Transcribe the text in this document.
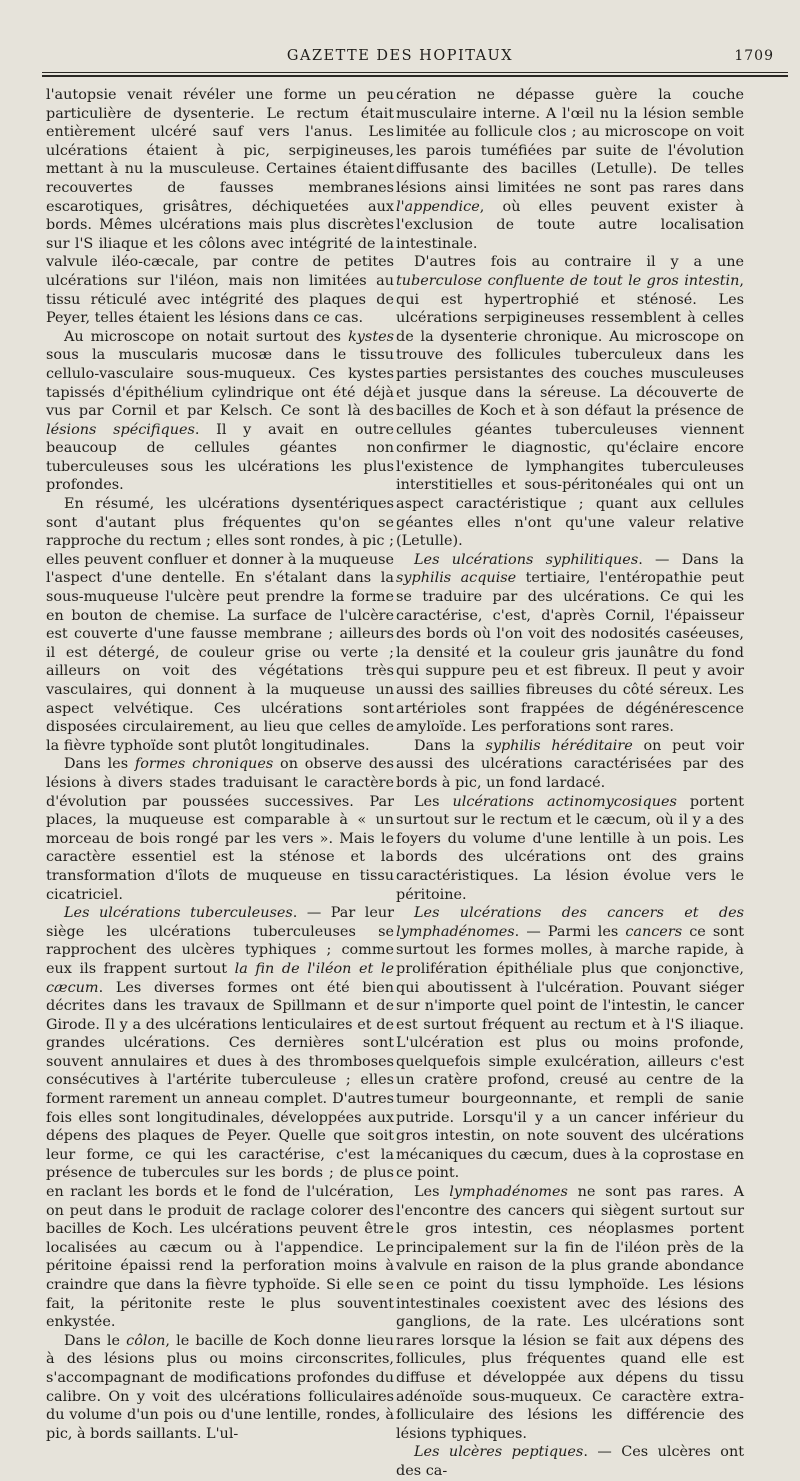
GAZETTE DES HOPITAUX	1709

l'autopsie venait révéler une forme un peu particulière de dysenterie. Le rectum était entièrement ulcéré sauf vers l'anus. Les ulcérations étaient à pic, serpigineuses, mettant à nu la musculeuse. Certaines étaient recouvertes de fausses membranes escarotiques, grisâtres, déchiquetées aux bords. Mêmes ulcérations mais plus discrètes sur l'S iliaque et les côlons avec intégrité de la valvule iléo-cæcale, par contre de petites ulcérations sur l'iléon, mais non limitées au tissu réticulé avec intégrité des plaques de Peyer, telles étaient les lésions dans ce cas.

Au microscope on notait surtout des kystes sous la muscularis mucosæ dans le tissu cellulo-vasculaire sous-muqueux. Ces kystes tapissés d'épithélium cylindrique ont été déjà vus par Cornil et par Kelsch. Ce sont là des lésions spécifiques. Il y avait en outre beaucoup de cellules géantes non tuberculeuses sous les ulcérations les plus profondes.

En résumé, les ulcérations dysentériques sont d'autant plus fréquentes qu'on se rapproche du rectum ; elles sont rondes, à pic ; elles peuvent confluer et donner à la muqueuse l'aspect d'une dentelle. En s'étalant dans la sous-muqueuse l'ulcère peut prendre la forme en bouton de chemise. La surface de l'ulcère est couverte d'une fausse membrane ; ailleurs il est détergé, de couleur grise ou verte ; ailleurs on voit des végétations très vasculaires, qui donnent à la muqueuse un aspect velvétique. Ces ulcérations sont disposées circulairement, au lieu que celles de la fièvre typhoïde sont plutôt longitudinales.

Dans les formes chroniques on observe des lésions à divers stades traduisant le caractère d'évolution par poussées successives. Par places, la muqueuse est comparable à « un morceau de bois rongé par les vers ». Mais le caractère essentiel est la sténose et la transformation d'îlots de muqueuse en tissu cicatriciel.

Les ulcérations tuberculeuses. — Par leur siège les ulcérations tuberculeuses se rapprochent des ulcères typhiques ; comme eux ils frappent surtout la fin de l'iléon et le cæcum. Les diverses formes ont été bien décrites dans les travaux de Spillmann et de Girode. Il y a des ulcérations lenticulaires et de grandes ulcérations. Ces dernières sont souvent annulaires et dues à des thromboses consécutives à l'artérite tuberculeuse ; elles forment rarement un anneau complet. D'autres fois elles sont longitudinales, développées aux dépens des plaques de Peyer. Quelle que soit leur forme, ce qui les caractérise, c'est la présence de tubercules sur les bords ; de plus en raclant les bords et le fond de l'ulcération, on peut dans le produit de raclage colorer des bacilles de Koch. Les ulcérations peuvent être localisées au cæcum ou à l'appendice. Le péritoine épaissi rend la perforation moins à craindre que dans la fièvre typhoïde. Si elle se fait, la péritonite reste le plus souvent enkystée.

Dans le côlon, le bacille de Koch donne lieu à des lésions plus ou moins circonscrites, s'accompagnant de modifications profondes du calibre. On y voit des ulcérations folliculaires du volume d'un pois ou d'une lentille, rondes, à pic, à bords saillants. L'ul-

cération ne dépasse guère la couche musculaire interne. A l'œil nu la lésion semble limitée au follicule clos ; au microscope on voit les parois tuméfiées par suite de l'évolution diffusante des bacilles (Letulle). De telles lésions ainsi limitées ne sont pas rares dans l'appendice, où elles peuvent exister à l'exclusion de toute autre localisation intestinale.

D'autres fois au contraire il y a une tuberculose confluente de tout le gros intestin, qui est hypertrophié et sténosé. Les ulcérations serpigineuses ressemblent à celles de la dysenterie chronique. Au microscope on trouve des follicules tuberculeux dans les parties persistantes des couches musculeuses et jusque dans la séreuse. La découverte de bacilles de Koch et à son défaut la présence de cellules géantes tuberculeuses viennent confirmer le diagnostic, qu'éclaire encore l'existence de lymphangites tuberculeuses interstitielles et sous-péritonéales qui ont un aspect caractéristique ; quant aux cellules géantes elles n'ont qu'une valeur relative (Letulle).

Les ulcérations syphilitiques. — Dans la syphilis acquise tertiaire, l'entéropathie peut se traduire par des ulcérations. Ce qui les caractérise, c'est, d'après Cornil, l'épaisseur des bords où l'on voit des nodosités caséeuses, la densité et la couleur gris jaunâtre du fond qui suppure peu et est fibreux. Il peut y avoir aussi des saillies fibreuses du côté séreux. Les artérioles sont frappées de dégénérescence amyloïde. Les perforations sont rares.

Dans la syphilis héréditaire on peut voir aussi des ulcérations caractérisées par des bords à pic, un fond lardacé.

Les ulcérations actinomycosiques portent surtout sur le rectum et le cæcum, où il y a des foyers du volume d'une lentille à un pois. Les bords des ulcérations ont des grains caractéristiques. La lésion évolue vers le péritoine.

Les ulcérations des cancers et des lymphadénomes. — Parmi les cancers ce sont surtout les formes molles, à marche rapide, à prolifération épithéliale plus que conjonctive, qui aboutissent à l'ulcération. Pouvant siéger sur n'importe quel point de l'intestin, le cancer est surtout fréquent au rectum et à l'S iliaque. L'ulcération est plus ou moins profonde, quelquefois simple exulcération, ailleurs c'est un cratère profond, creusé au centre de la tumeur bourgeonnante, et rempli de sanie putride. Lorsqu'il y a un cancer inférieur du gros intestin, on note souvent des ulcérations mécaniques du cæcum, dues à la coprostase en ce point.

Les lymphadénomes ne sont pas rares. A l'encontre des cancers qui siègent surtout sur le gros intestin, ces néoplasmes portent principalement sur la fin de l'iléon près de la valvule en raison de la plus grande abondance en ce point du tissu lymphoïde. Les lésions intestinales coexistent avec des lésions des ganglions, de la rate. Les ulcérations sont rares lorsque la lésion se fait aux dépens des follicules, plus fréquentes quand elle est diffuse et développée aux dépens du tissu adénoïde sous-muqueux. Ce caractère extra-folliculaire des lésions les différencie des lésions typhiques.

Les ulcères peptiques. — Ces ulcères ont des ca-
